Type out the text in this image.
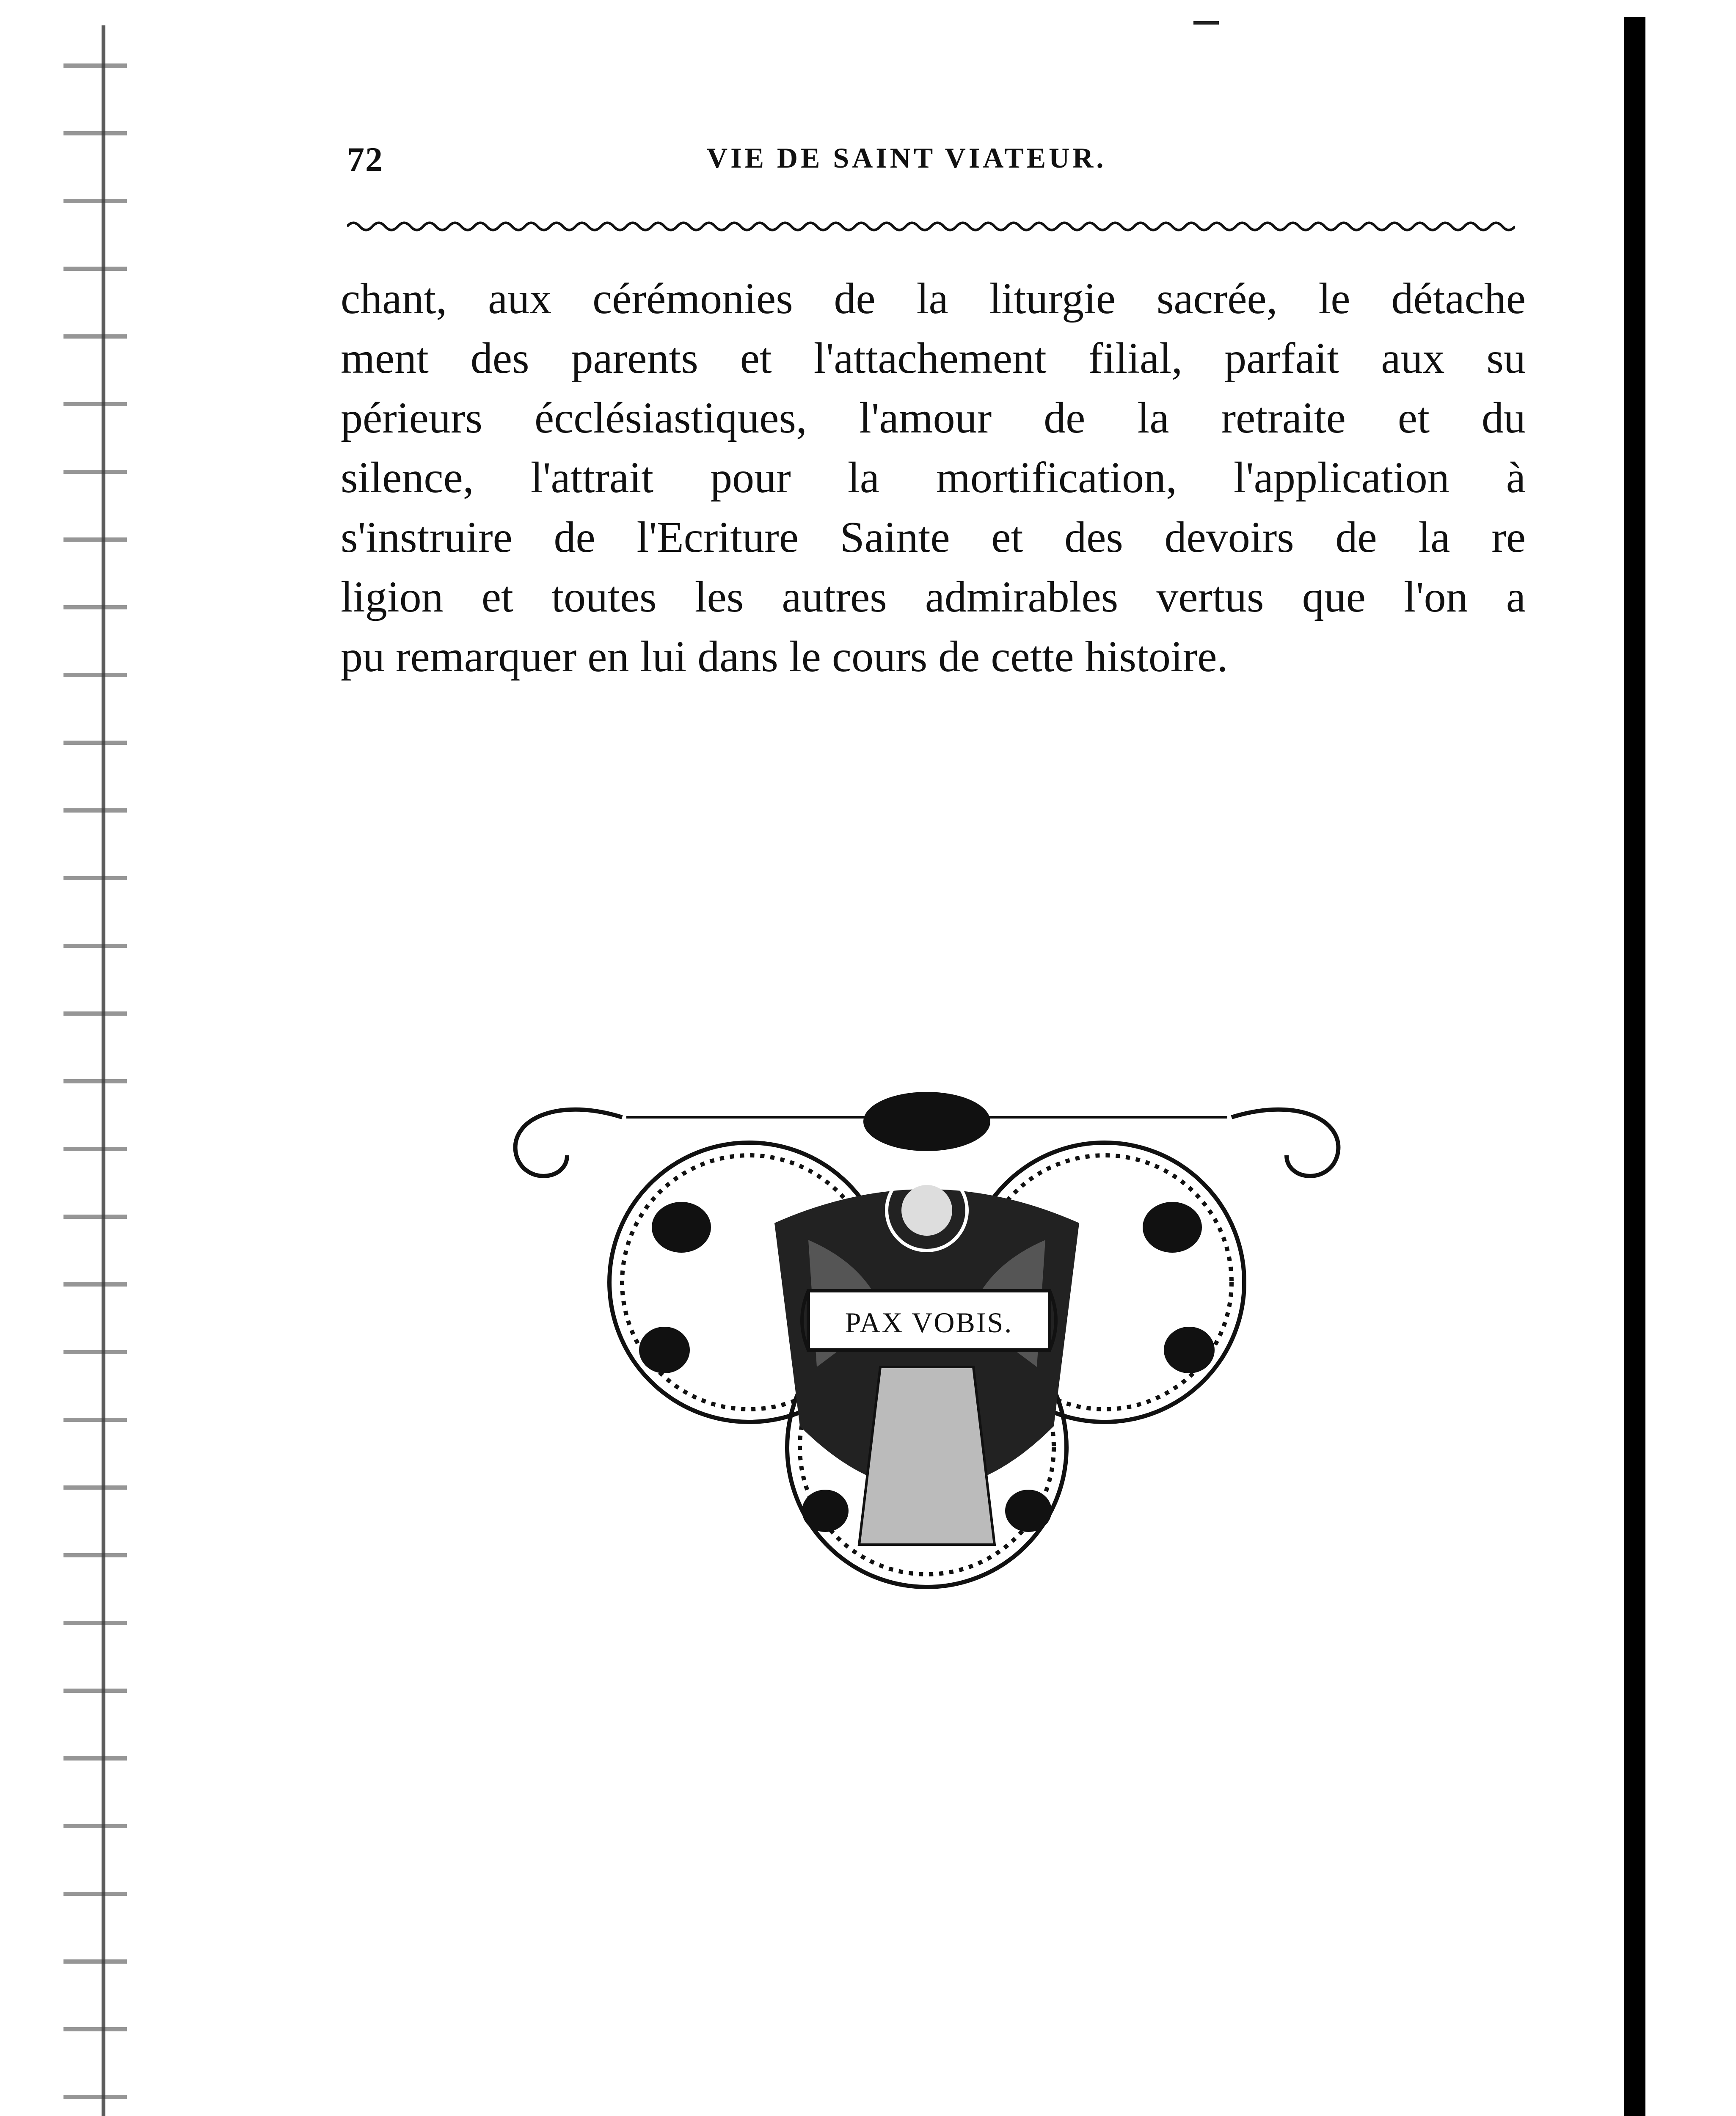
72	VIE DE SAINT VIATEUR.
chant, aux cérémonies de la liturgie sacrée, le détache
ment des parents et l'attachement filial, parfait aux su
périeurs écclésiastiques, l'amour de la retraite et du
silence, l'attrait pour la mortification, l'application à
s'instruire de l'Ecriture Sainte et des devoirs de la re
ligion et toutes les autres admirables vertus que l'on a
pu remarquer en lui dans le cours de cette histoire.
PAX VOBIS.
